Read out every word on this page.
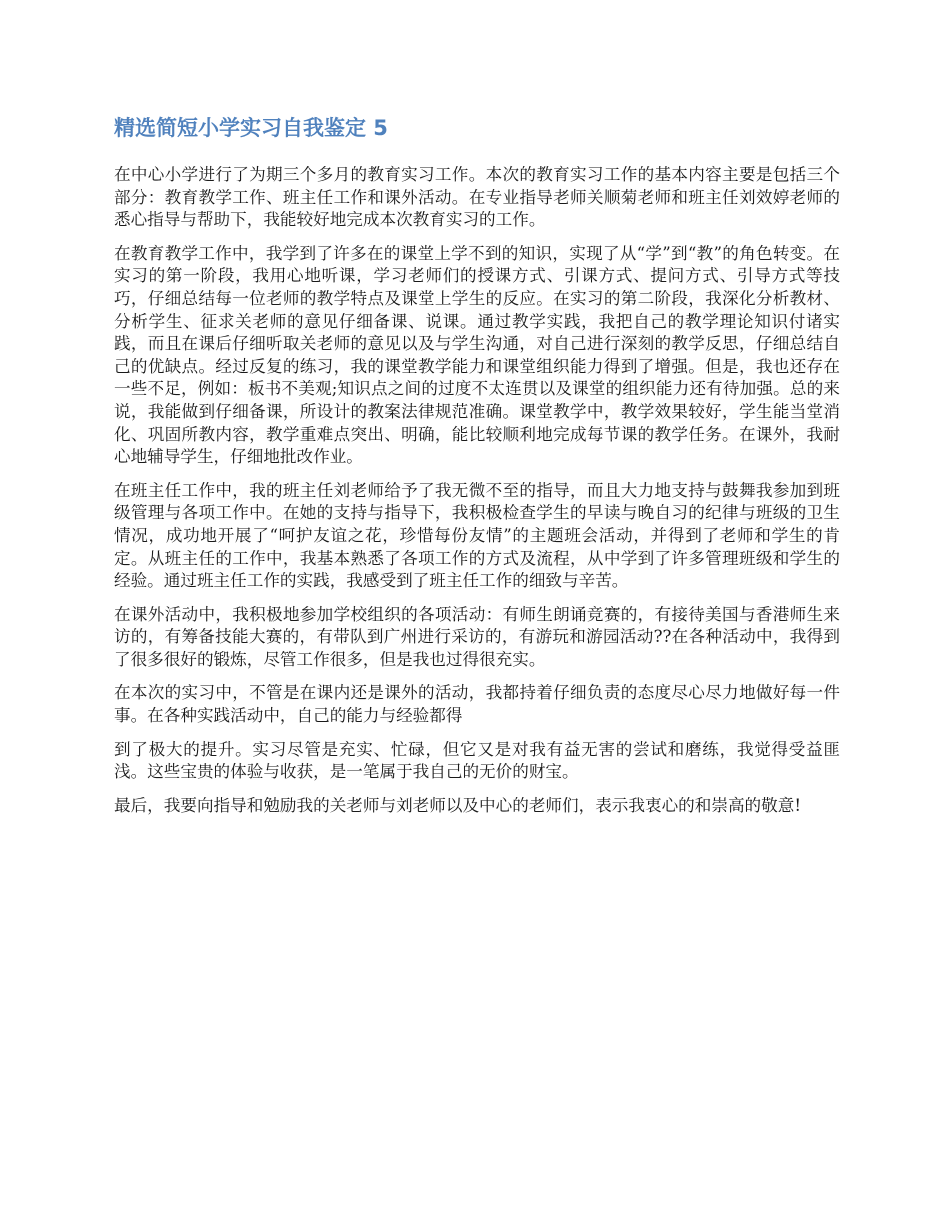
精选简短小学实习自我鉴定 5

在中心小学进行了为期三个多月的教育实习工作。本次的教育实习工作的基本内容主要是包括三个部分：教育教学工作、班主任工作和课外活动。在专业指导老师关顺菊老师和班主任刘效婷老师的悉心指导与帮助下，我能较好地完成本次教育实习的工作。

在教育教学工作中，我学到了许多在的课堂上学不到的知识，实现了从“学”到“教”的角色转变。在实习的第一阶段，我用心地听课，学习老师们的授课方式、引课方式、提问方式、引导方式等技巧，仔细总结每一位老师的教学特点及课堂上学生的反应。在实习的第二阶段，我深化分析教材、分析学生、征求关老师的意见仔细备课、说课。通过教学实践，我把自己的教学理论知识付诸实践，而且在课后仔细听取关老师的意见以及与学生沟通，对自己进行深刻的教学反思，仔细总结自己的优缺点。经过反复的练习，我的课堂教学能力和课堂组织能力得到了增强。但是，我也还存在一些不足，例如：板书不美观;知识点之间的过度不太连贯以及课堂的组织能力还有待加强。总的来说，我能做到仔细备课，所设计的教案法律规范准确。课堂教学中，教学效果较好，学生能当堂消化、巩固所教内容，教学重难点突出、明确，能比较顺利地完成每节课的教学任务。在课外，我耐心地辅导学生，仔细地批改作业。

在班主任工作中，我的班主任刘老师给予了我无微不至的指导，而且大力地支持与鼓舞我参加到班级管理与各项工作中。在她的支持与指导下，我积极检查学生的早读与晚自习的纪律与班级的卫生情况，成功地开展了“呵护友谊之花，珍惜每份友情”的主题班会活动，并得到了老师和学生的肯定。从班主任的工作中，我基本熟悉了各项工作的方式及流程，从中学到了许多管理班级和学生的经验。通过班主任工作的实践，我感受到了班主任工作的细致与辛苦。

在课外活动中，我积极地参加学校组织的各项活动：有师生朗诵竞赛的，有接待美国与香港师生来访的，有筹备技能大赛的，有带队到广州进行采访的，有游玩和游园活动??在各种活动中，我得到了很多很好的锻炼，尽管工作很多，但是我也过得很充实。

在本次的实习中，不管是在课内还是课外的活动，我都持着仔细负责的态度尽心尽力地做好每一件事。在各种实践活动中，自己的能力与经验都得

到了极大的提升。实习尽管是充实、忙碌，但它又是对我有益无害的尝试和磨练，我觉得受益匪浅。这些宝贵的体验与收获，是一笔属于我自己的无价的财宝。

最后，我要向指导和勉励我的关老师与刘老师以及中心的老师们，表示我衷心的和崇高的敬意!
